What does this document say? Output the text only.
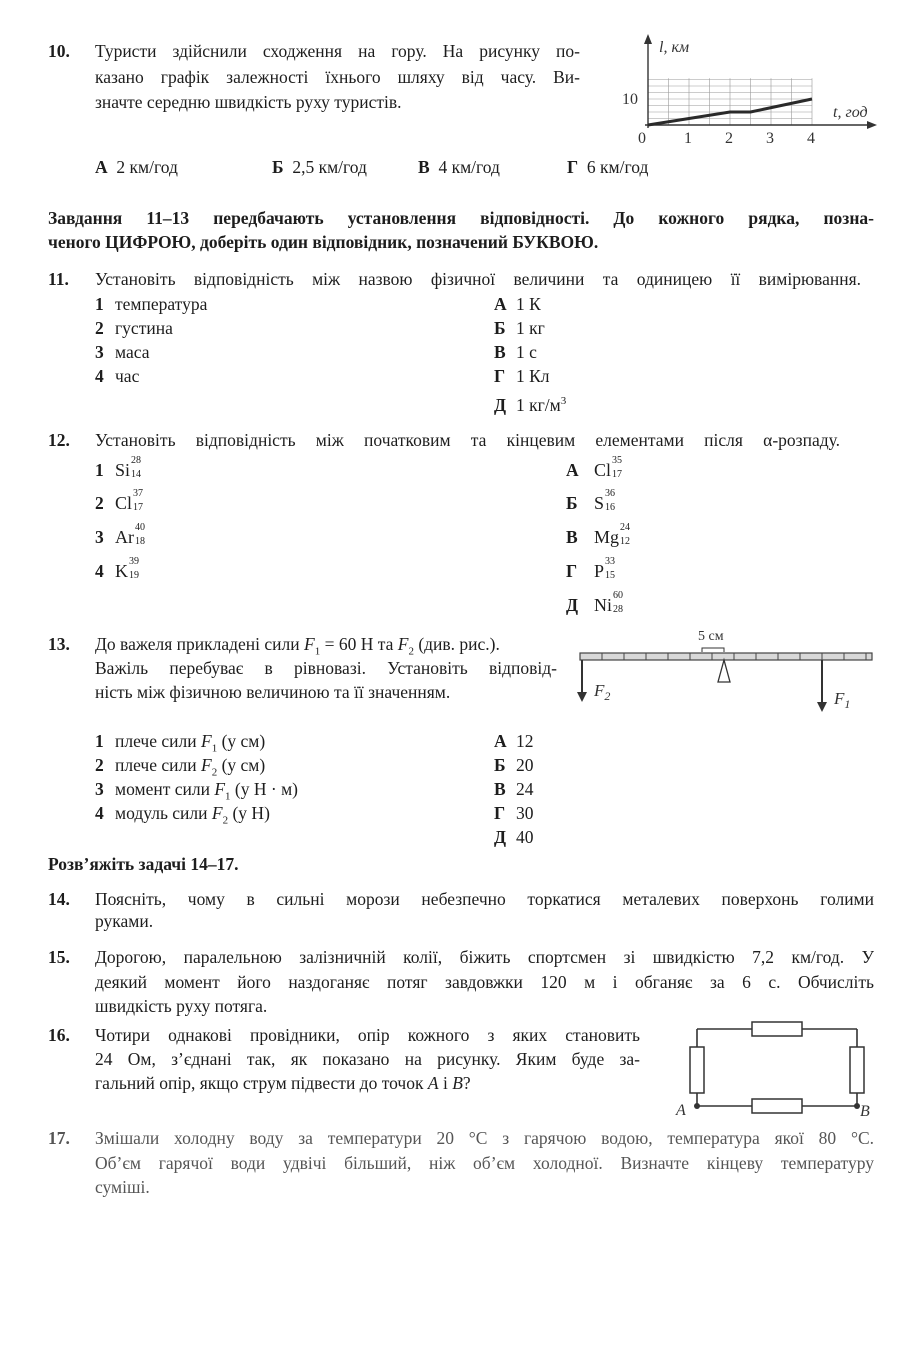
10. Туристи здійснили сходження на гору. На рисунку по-
казано графік залежності їхнього шляху від часу. Ви-
значте середню швидкість руху туристів.
А 2 км/год	Б 2,5 км/год	В 4 км/год	Г 6 км/год
l, км
t, год
0 1 2 3 4
10
Завдання 11–13 передбачають установлення відповідності. До кожного рядка, позна-
ченого ЦИФРОЮ, доберіть один відповідник, позначений БУКВОЮ.
11. Установіть відповідність між назвою фізичної величини та одиницею її вимірювання.
1 температура
2 густина
3 маса
4 час
А 1 К
Б 1 кг
В 1 с
Г 1 Кл
Д 1 $кг/м^3$
12. Установіть відповідність між початковим та кінцевим елементами після α-розпаду.
1 Si 28
14
2 Cl 37
17
3 Ar 40
18
4 K 39
19
А Cl 35
17
Б S 36
16
В Mg 24
12
Г P 33
15
Д Ni 60
28
13. До важеля прикладені сили $F_1 = 60$ Н та $F_2$ (див. рис.).
Важіль перебуває в рівновазі. Установіть відповід-
ність між фізичною величиною та її значенням.
5 см
$F_2$	$F_1$
1 плече сили $F_1$ (у см)
2 плече сили $F_2$ (у см)
3 момент сили $F_1$ (у Н · м)
4 модуль сили $F_2$ (у Н)
А 12
Б 20
В 24
Г 30
Д 40
Розв’яжіть задачі 14–17.
14. Поясніть, чому в сильні морози небезпечно торкатися металевих поверхонь голими
руками.
15. Дорогою, паралельною залізничній колії, біжить спортсмен зі швидкістю 7,2 км/год. У
деякий момент його наздоганяє потяг завдовжки 120 м і обганяє за 6 с. Обчисліть
швидкість руху потяга.
16. Чотири однакові провідники, опір кожного з яких становить
24 Ом, з’єднані так, як показано на рисунку. Яким буде за-
гальний опір, якщо струм підвести до точок A і B?
A	B
17. Змішали холодну воду за температури 20 °С з гарячою водою, температура якої 80 °С.
Об’єм гарячої води удвічі більший, ніж об’єм холодної. Визначте кінцеву температуру
суміші.
